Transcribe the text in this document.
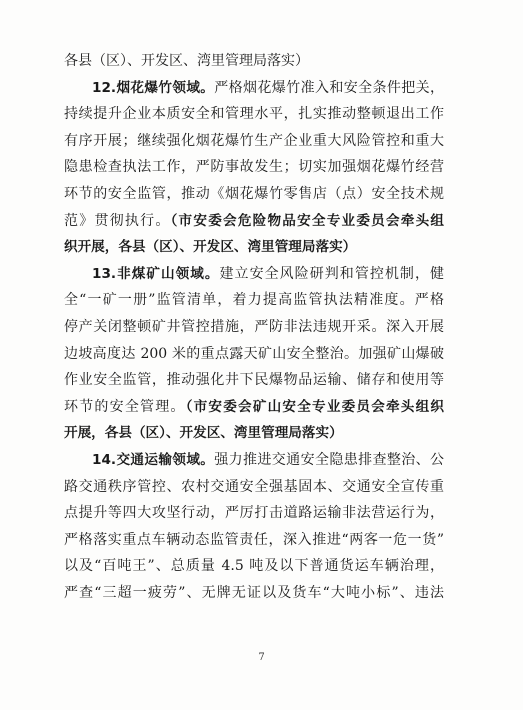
各县（区）、开发区、湾里管理局落实）
12.烟花爆竹领域。严格烟花爆竹准入和安全条件把关，
持续提升企业本质安全和管理水平，扎实推动整顿退出工作
有序开展；继续强化烟花爆竹生产企业重大风险管控和重大
隐患检查执法工作，严防事故发生；切实加强烟花爆竹经营
环节的安全监管，推动《烟花爆竹零售店（点）安全技术规
范》贯彻执行。（市安委会危险物品安全专业委员会牵头组
织开展，各县（区）、开发区、湾里管理局落实）
13.非煤矿山领域。建立安全风险研判和管控机制，健
全“一矿一册”监管清单，着力提高监管执法精准度。严格
停产关闭整顿矿井管控措施，严防非法违规开采。深入开展
边坡高度达 200 米的重点露天矿山安全整治。加强矿山爆破
作业安全监管，推动强化井下民爆物品运输、储存和使用等
环节的安全管理。（市安委会矿山安全专业委员会牵头组织
开展，各县（区）、开发区、湾里管理局落实）
14.交通运输领域。强力推进交通安全隐患排查整治、公
路交通秩序管控、农村交通安全强基固本、交通安全宣传重
点提升等四大攻坚行动，严厉打击道路运输非法营运行为，
严格落实重点车辆动态监管责任，深入推进“两客一危一货”
以及“百吨王”、总质量 4.5 吨及以下普通货运车辆治理，
严查“三超一疲劳”、无牌无证以及货车“大吨小标”、违法
7
